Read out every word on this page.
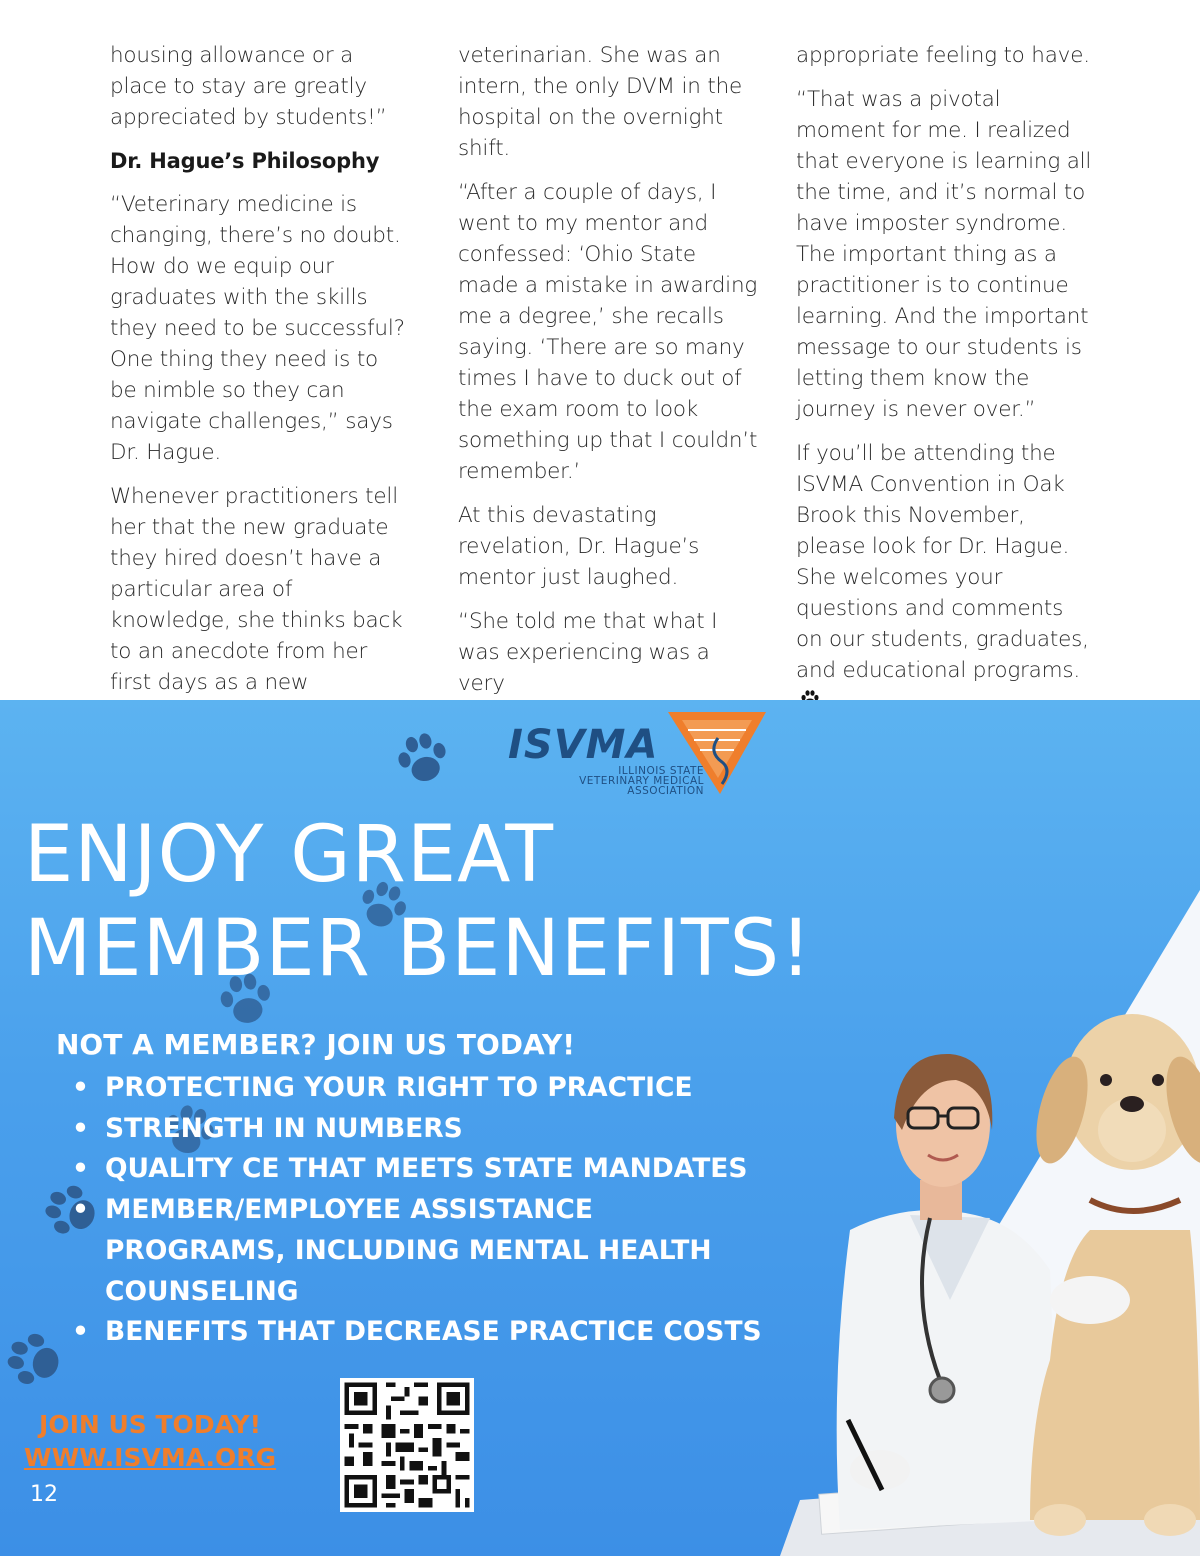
housing allowance or a place to stay are greatly appreciated by students!”

Dr. Hague’s Philosophy

“Veterinary medicine is changing, there’s no doubt. How do we equip our graduates with the skills they need to be successful? One thing they need is to be nimble so they can navigate challenges,” says Dr. Hague.

Whenever practitioners tell her that the new graduate they hired doesn’t have a particular area of knowledge, she thinks back to an anecdote from her first days as a new

veterinarian. She was an intern, the only DVM in the hospital on the overnight shift.

“After a couple of days, I went to my mentor and confessed: ‘Ohio State made a mistake in awarding me a degree,’ she recalls saying. ‘There are so many times I have to duck out of the exam room to look something up that I couldn’t remember.’

At this devastating revelation, Dr. Hague’s mentor just laughed.

“She told me that what I was experiencing was a very

appropriate feeling to have.

“That was a pivotal moment for me. I realized that everyone is learning all the time, and it’s normal to have imposter syndrome. The important thing as a practitioner is to continue learning. And the important message to our students is letting them know the journey is never over.”

If you’ll be attending the ISVMA Convention in Oak Brook this November, please look for Dr. Hague. She welcomes your questions and comments on our students, graduates, and educational programs.

ISVMA
ILLINOIS STATE
VETERINARY MEDICAL
ASSOCIATION
ENJOY GREAT
MEMBER BENEFITS!
NOT A MEMBER? JOIN US TODAY!
• PROTECTING YOUR RIGHT TO PRACTICE
• STRENGTH IN NUMBERS
• QUALITY CE THAT MEETS STATE MANDATES
• MEMBER/EMPLOYEE ASSISTANCE PROGRAMS, INCLUDING MENTAL HEALTH COUNSELING
• BENEFITS THAT DECREASE PRACTICE COSTS
JOIN US TODAY!
WWW.ISVMA.ORG
12
